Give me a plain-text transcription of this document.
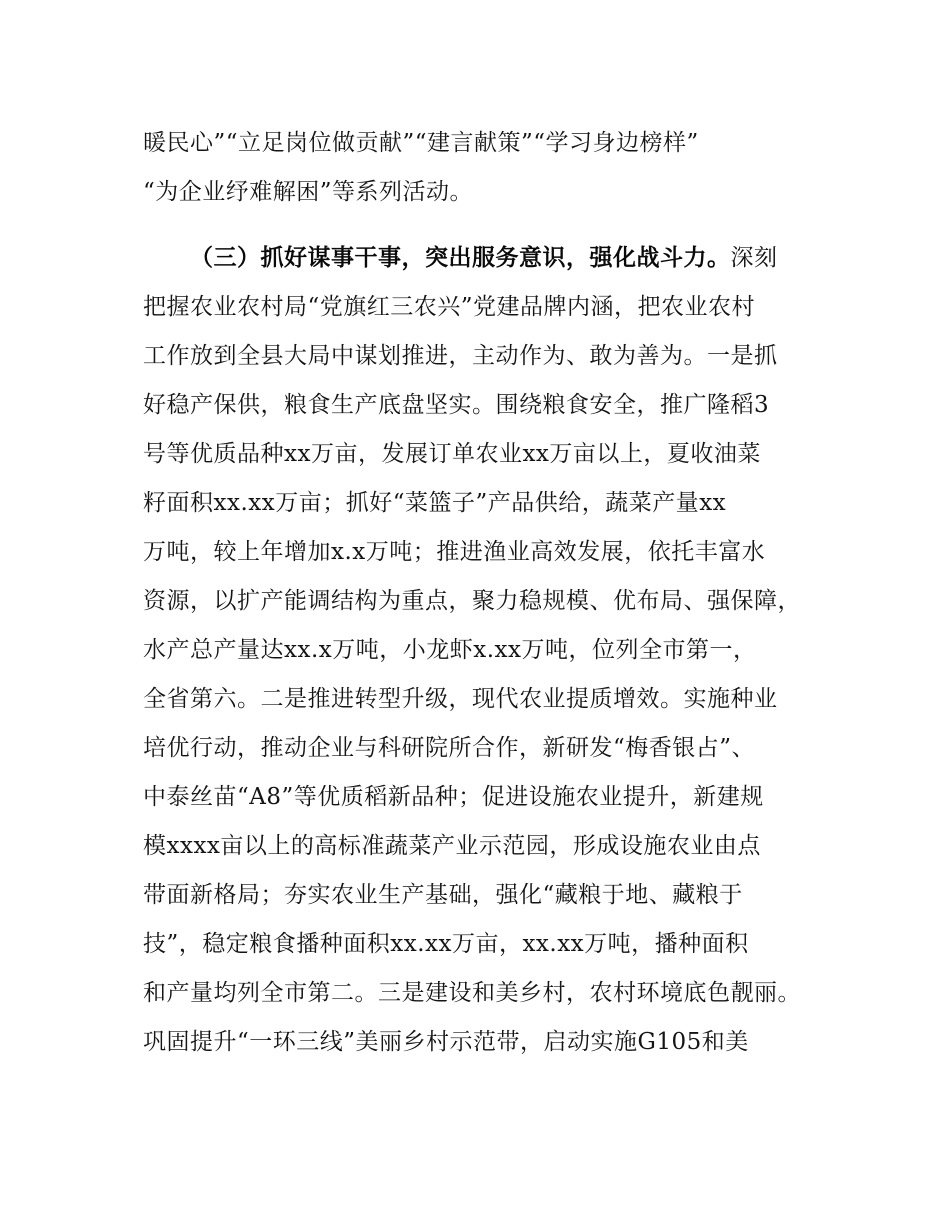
暖民心”“立足岗位做贡献”“建言献策”“学习身边榜样”
“为企业纾难解困”等系列活动。
（三）抓好谋事干事，突出服务意识，强化战斗力。深刻
把握农业农村局“党旗红三农兴”党建品牌内涵，把农业农村
工作放到全县大局中谋划推进，主动作为、敢为善为。一是抓
好稳产保供，粮食生产底盘坚实。围绕粮食安全，推广隆稻3
号等优质品种xx万亩，发展订单农业xx万亩以上，夏收油菜
籽面积xx.xx万亩；抓好“菜篮子”产品供给，蔬菜产量xx
万吨，较上年增加x.x万吨；推进渔业高效发展，依托丰富水
资源，以扩产能调结构为重点，聚力稳规模、优布局、强保障，
水产总产量达xx.x万吨，小龙虾x.xx万吨，位列全市第一，
全省第六。二是推进转型升级，现代农业提质增效。实施种业
培优行动，推动企业与科研院所合作，新研发“梅香银占”、
中泰丝苗“A8”等优质稻新品种；促进设施农业提升，新建规
模xxxx亩以上的高标准蔬菜产业示范园，形成设施农业由点
带面新格局；夯实农业生产基础，强化“藏粮于地、藏粮于
技”，稳定粮食播种面积xx.xx万亩，xx.xx万吨，播种面积
和产量均列全市第二。三是建设和美乡村，农村环境底色靓丽。
巩固提升“一环三线”美丽乡村示范带，启动实施G105和美
